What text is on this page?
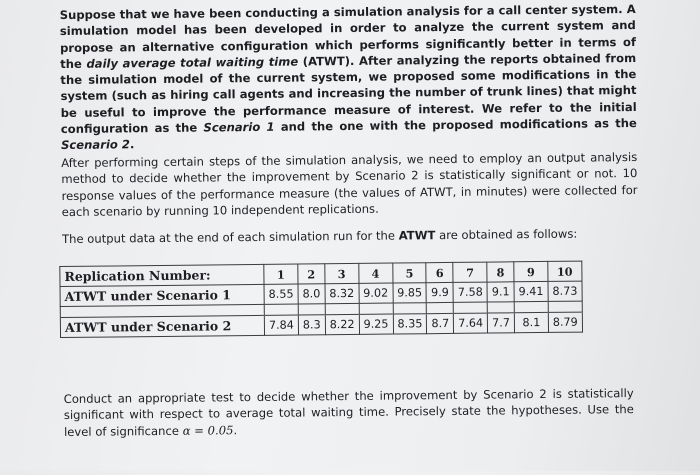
Suppose that we have been conducting a simulation analysis for a call center system. A simulation model has been developed in order to analyze the current system and propose an alternative configuration which performs significantly better in terms of the daily average total waiting time (ATWT). After analyzing the reports obtained from the simulation model of the current system, we proposed some modifications in the system (such as hiring call agents and increasing the number of trunk lines) that might be useful to improve the performance measure of interest. We refer to the initial configuration as the Scenario 1 and the one with the proposed modifications as the Scenario 2.

After performing certain steps of the simulation analysis, we need to employ an output analysis method to decide whether the improvement by Scenario 2 is statistically significant or not. 10 response values of the performance measure (the values of ATWT, in minutes) were collected for each scenario by running 10 independent replications.

The output data at the end of each simulation run for the ATWT are obtained as follows:

Replication Number:	1	2	3	4	5	6	7	8	9	10
ATWT under Scenario 1	8.55	8.0	8.32	9.02	9.85	9.9	7.58	9.1	9.41	8.73

ATWT under Scenario 2	7.84	8.3	8.22	9.25	8.35	8.7	7.64	7.7	8.1	8.79

Conduct an appropriate test to decide whether the improvement by Scenario 2 is statistically significant with respect to average total waiting time. Precisely state the hypotheses. Use the level of significance α = 0.05.
